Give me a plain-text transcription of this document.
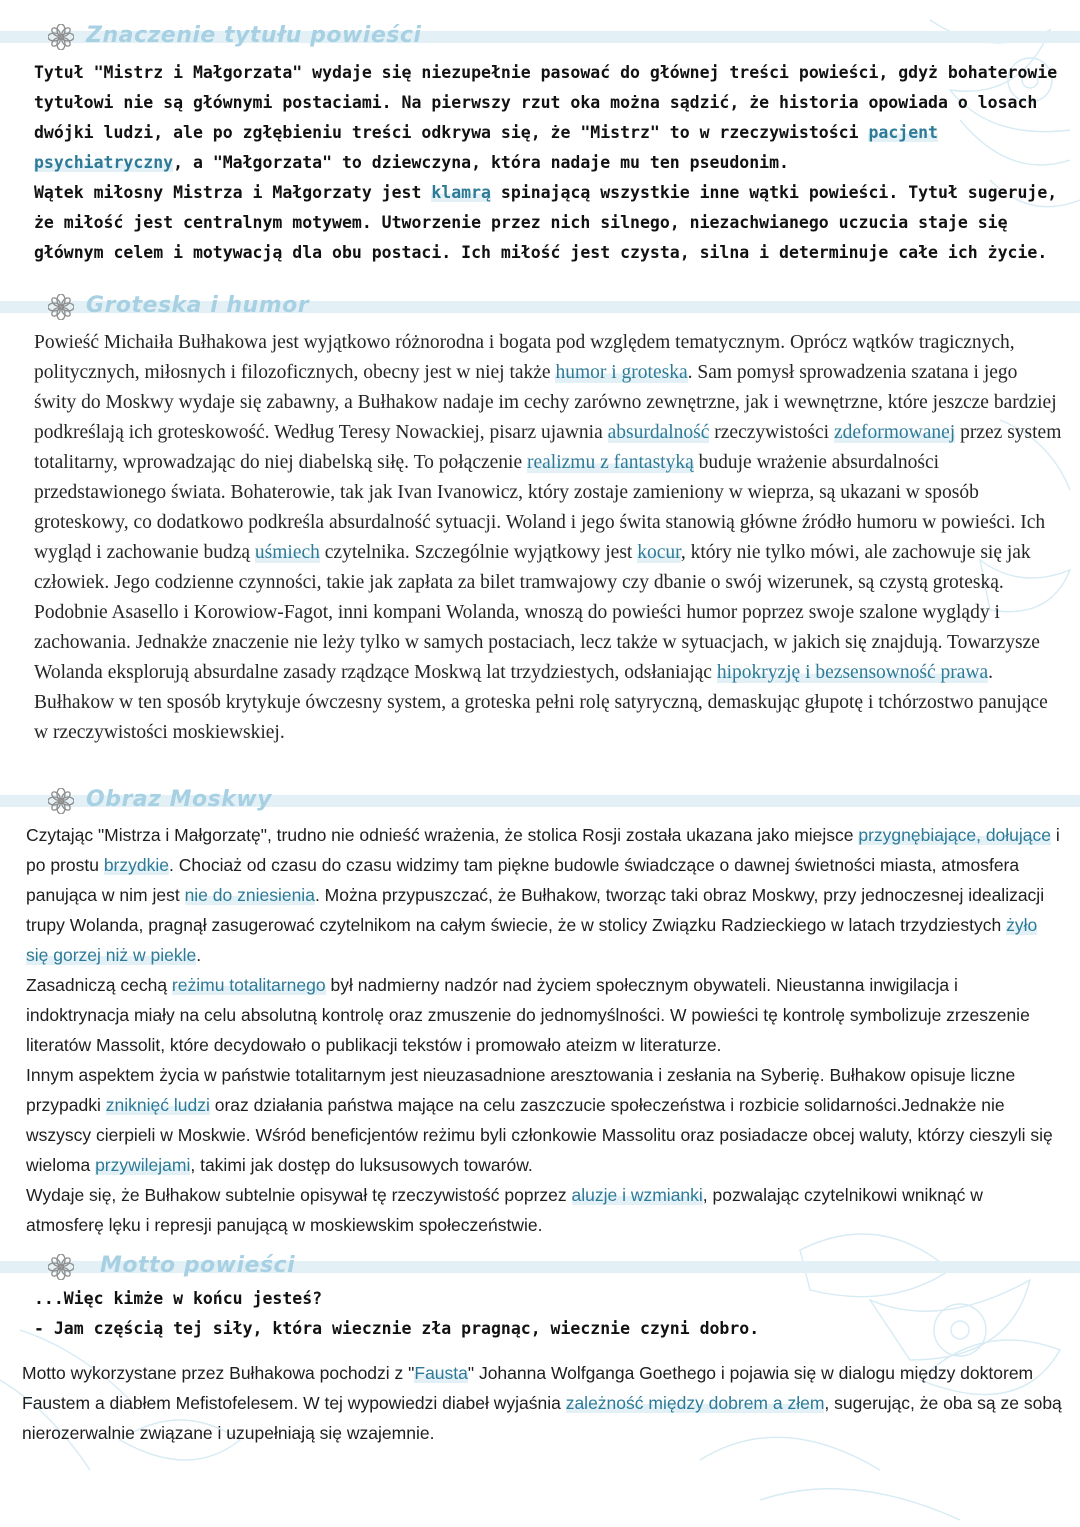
Znaczenie tytułu powieści

Tytuł "Mistrz i Małgorzata" wydaje się niezupełnie pasować do głównej treści powieści, gdyż bohaterowie tytułowi nie są głównymi postaciami. Na pierwszy rzut oka można sądzić, że historia opowiada o losach dwójki ludzi, ale po zgłębieniu treści odkrywa się, że "Mistrz" to w rzeczywistości pacjent psychiatryczny, a "Małgorzata" to dziewczyna, która nadaje mu ten pseudonim.

Wątek miłosny Mistrza i Małgorzaty jest klamrą spinającą wszystkie inne wątki powieści. Tytuł sugeruje, że miłość jest centralnym motywem. Utworzenie przez nich silnego, niezachwianego uczucia staje się głównym celem i motywacją dla obu postaci. Ich miłość jest czysta, silna i determinuje całe ich życie.

Groteska i humor

Powieść Michaiła Bułhakowa jest wyjątkowo różnorodna i bogata pod względem tematycznym. Oprócz wątków tragicznych, politycznych, miłosnych i filozoficznych, obecny jest w niej także humor i groteska. Sam pomysł sprowadzenia szatana i jego świty do Moskwy wydaje się zabawny, a Bułhakow nadaje im cechy zarówno zewnętrzne, jak i wewnętrzne, które jeszcze bardziej podkreślają ich groteskowość. Według Teresy Nowackiej, pisarz ujawnia absurdalność rzeczywistości zdeformowanej przez system totalitarny, wprowadzając do niej diabelską siłę. To połączenie realizmu z fantastyką buduje wrażenie absurdalności przedstawionego świata. Bohaterowie, tak jak Ivan Ivanowicz, który zostaje zamieniony w wieprza, są ukazani w sposób groteskowy, co dodatkowo podkreśla absurdalność sytuacji. Woland i jego świta stanowią główne źródło humoru w powieści. Ich wygląd i zachowanie budzą uśmiech czytelnika. Szczególnie wyjątkowy jest kocur, który nie tylko mówi, ale zachowuje się jak człowiek. Jego codzienne czynności, takie jak zapłata za bilet tramwajowy czy dbanie o swój wizerunek, są czystą groteską. Podobnie Asasello i Korowiow-Fagot, inni kompani Wolanda, wnoszą do powieści humor poprzez swoje szalone wyglądy i zachowania. Jednakże znaczenie nie leży tylko w samych postaciach, lecz także w sytuacjach, w jakich się znajdują. Towarzysze Wolanda eksplorują absurdalne zasady rządzące Moskwą lat trzydziestych, odsłaniając hipokryzję i bezsensowność prawa. Bułhakow w ten sposób krytykuje ówczesny system, a groteska pełni rolę satyryczną, demaskując głupotę i tchórzostwo panujące w rzeczywistości moskiewskiej.

Obraz Moskwy

Czytając "Mistrza i Małgorzatę", trudno nie odnieść wrażenia, że stolica Rosji została ukazana jako miejsce przygnębiające, dołujące i po prostu brzydkie. Chociaż od czasu do czasu widzimy tam piękne budowle świadczące o dawnej świetności miasta, atmosfera panująca w nim jest nie do zniesienia. Można przypuszczać, że Bułhakow, tworząc taki obraz Moskwy, przy jednoczesnej idealizacji trupy Wolanda, pragnął zasugerować czytelnikom na całym świecie, że w stolicy Związku Radzieckiego w latach trzydziestych żyło się gorzej niż w piekle.
Zasadniczą cechą reżimu totalitarnego był nadmierny nadzór nad życiem społecznym obywateli. Nieustanna inwigilacja i indoktrynacja miały na celu absolutną kontrolę oraz zmuszenie do jednomyślności. W powieści tę kontrolę symbolizuje zrzeszenie literatów Massolit, które decydowało o publikacji tekstów i promowało ateizm w literaturze.
Innym aspektem życia w państwie totalitarnym jest nieuzasadnione aresztowania i zesłania na Syberię. Bułhakow opisuje liczne przypadki zniknięć ludzi oraz działania państwa mające na celu zaszczucie społeczeństwa i rozbicie solidarności.Jednakże nie wszyscy cierpieli w Moskwie. Wśród beneficjentów reżimu byli członkowie Massolitu oraz posiadacze obcej waluty, którzy cieszyli się wieloma przywilejami, takimi jak dostęp do luksusowych towarów.
Wydaje się, że Bułhakow subtelnie opisywał tę rzeczywistość poprzez aluzje i wzmianki, pozwalając czytelnikowi wniknąć w atmosferę lęku i represji panującą w moskiewskim społeczeństwie.

Motto powieści
...Więc kimże w końcu jesteś?
- Jam częścią tej siły, która wiecznie zła pragnąc, wiecznie czyni dobro.

Motto wykorzystane przez Bułhakowa pochodzi z "Fausta" Johanna Wolfganga Goethego i pojawia się w dialogu między doktorem Faustem a diabłem Mefistofelesem. W tej wypowiedzi diabeł wyjaśnia zależność między dobrem a złem, sugerując, że oba są ze sobą nierozerwalnie związane i uzupełniają się wzajemnie.
